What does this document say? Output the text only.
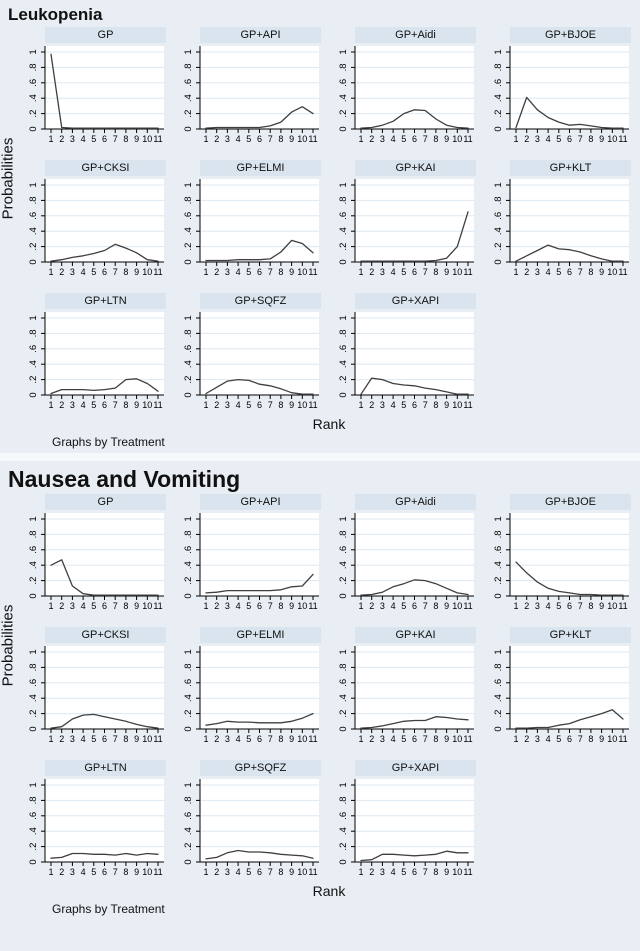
Leukopenia
Probabilities
GP
0
.2
.4
.6
.8
1
1 2 3 4 5 6 7 8 9 10 11
GP+API
0
.2
.4
.6
.8
1
1 2 3 4 5 6 7 8 9 10 11
GP+Aidi
0
.2
.4
.6
.8
1
1 2 3 4 5 6 7 8 9 10 11
GP+BJOE
0
.2
.4
.6
.8
1
1 2 3 4 5 6 7 8 9 10 11
GP+CKSI
0
.2
.4
.6
.8
1
1 2 3 4 5 6 7 8 9 10 11
GP+ELMI
0
.2
.4
.6
.8
1
1 2 3 4 5 6 7 8 9 10 11
GP+KAI
0
.2
.4
.6
.8
1
1 2 3 4 5 6 7 8 9 10 11
GP+KLT
0
.2
.4
.6
.8
1
1 2 3 4 5 6 7 8 9 10 11
GP+LTN
0
.2
.4
.6
.8
1
1 2 3 4 5 6 7 8 9 10 11
GP+SQFZ
0
.2
.4
.6
.8
1
1 2 3 4 5 6 7 8 9 10 11
GP+XAPI
0
.2
.4
.6
.8
1
1 2 3 4 5 6 7 8 9 10 11
Rank
Graphs by Treatment
Nausea and Vomiting
Probabilities
GP
0
.2
.4
.6
.8
1
1 2 3 4 5 6 7 8 9 10 11
GP+API
0
.2
.4
.6
.8
1
1 2 3 4 5 6 7 8 9 10 11
GP+Aidi
0
.2
.4
.6
.8
1
1 2 3 4 5 6 7 8 9 10 11
GP+BJOE
0
.2
.4
.6
.8
1
1 2 3 4 5 6 7 8 9 10 11
GP+CKSI
0
.2
.4
.6
.8
1
1 2 3 4 5 6 7 8 9 10 11
GP+ELMI
0
.2
.4
.6
.8
1
1 2 3 4 5 6 7 8 9 10 11
GP+KAI
0
.2
.4
.6
.8
1
1 2 3 4 5 6 7 8 9 10 11
GP+KLT
0
.2
.4
.6
.8
1
1 2 3 4 5 6 7 8 9 10 11
GP+LTN
0
.2
.4
.6
.8
1
1 2 3 4 5 6 7 8 9 10 11
GP+SQFZ
0
.2
.4
.6
.8
1
1 2 3 4 5 6 7 8 9 10 11
GP+XAPI
0
.2
.4
.6
.8
1
1 2 3 4 5 6 7 8 9 10 11
Rank
Graphs by Treatment
